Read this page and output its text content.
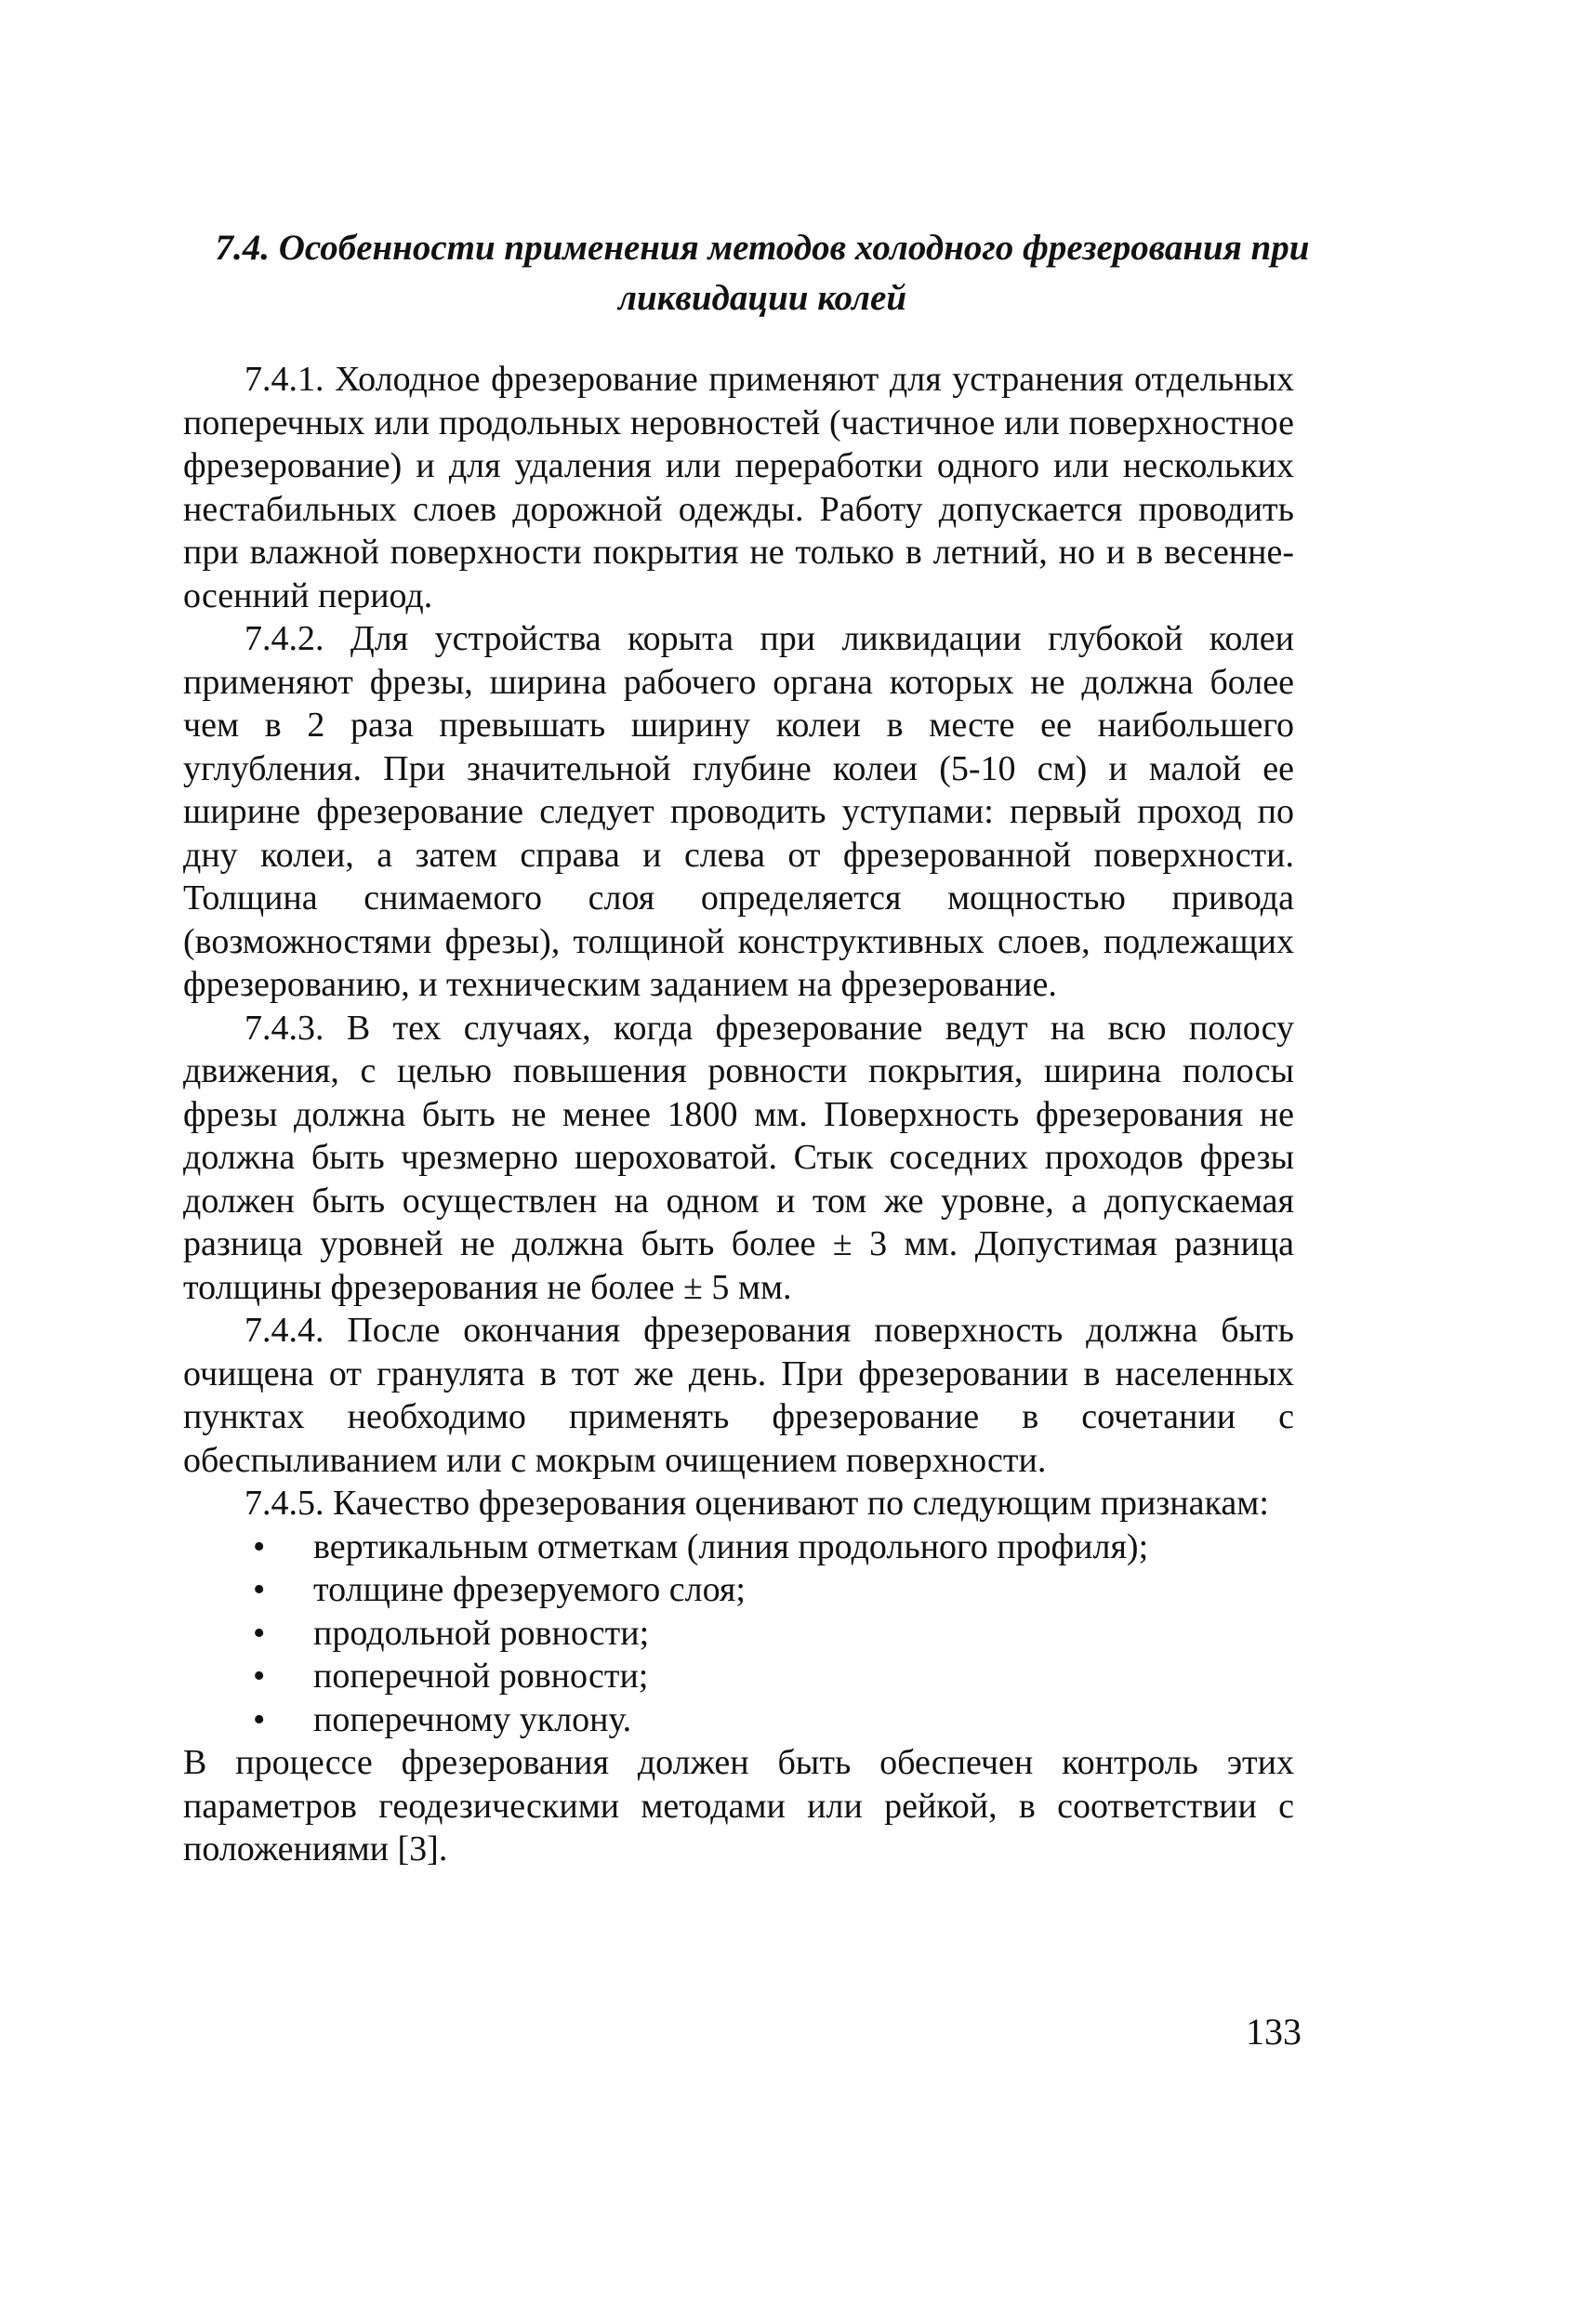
7.4. Особенности применения методов холодного фрезерования при
ликвидации колей

7.4.1. Холодное фрезерование применяют для устранения отдельных поперечных или продольных неровностей (частичное или поверхностное фрезерование) и для удаления или переработки одного или нескольких нестабильных слоев дорожной одежды. Работу допускается проводить при влажной поверхности покрытия не только в летний, но и в весенне-осенний период.

7.4.2. Для устройства корыта при ликвидации глубокой колеи применяют фрезы, ширина рабочего органа которых не должна более чем в 2 раза превышать ширину колеи в месте ее наибольшего углубления. При значительной глубине колеи (5-10 см) и малой ее ширине фрезерование следует проводить уступами: первый проход по дну колеи, а затем справа и слева от фрезерованной поверхности. Толщина снимаемого слоя определяется мощностью привода (возможностями фрезы), толщиной конструктивных слоев, подлежащих фрезерованию, и техническим заданием на фрезерование.

7.4.3. В тех случаях, когда фрезерование ведут на всю полосу движения, с целью повышения ровности покрытия, ширина полосы фрезы должна быть не менее 1800 мм. Поверхность фрезерования не должна быть чрезмерно шероховатой. Стык соседних проходов фрезы должен быть осуществлен на одном и том же уровне, а допускаемая разница уровней не должна быть более ± 3 мм. Допустимая разница толщины фрезерования не более ± 5 мм.

7.4.4. После окончания фрезерования поверхность должна быть очищена от гранулята в тот же день. При фрезеровании в населенных пунктах необходимо применять фрезерование в сочетании с обеспыливанием или с мокрым очищением поверхности.

7.4.5. Качество фрезерования оценивают по следующим признакам:

• вертикальным отметкам (линия продольного профиля);
• толщине фрезеруемого слоя;
• продольной ровности;
• поперечной ровности;
• поперечному уклону.

В процессе фрезерования должен быть обеспечен контроль этих параметров геодезическими методами или рейкой, в соответствии с положениями [3].

133
